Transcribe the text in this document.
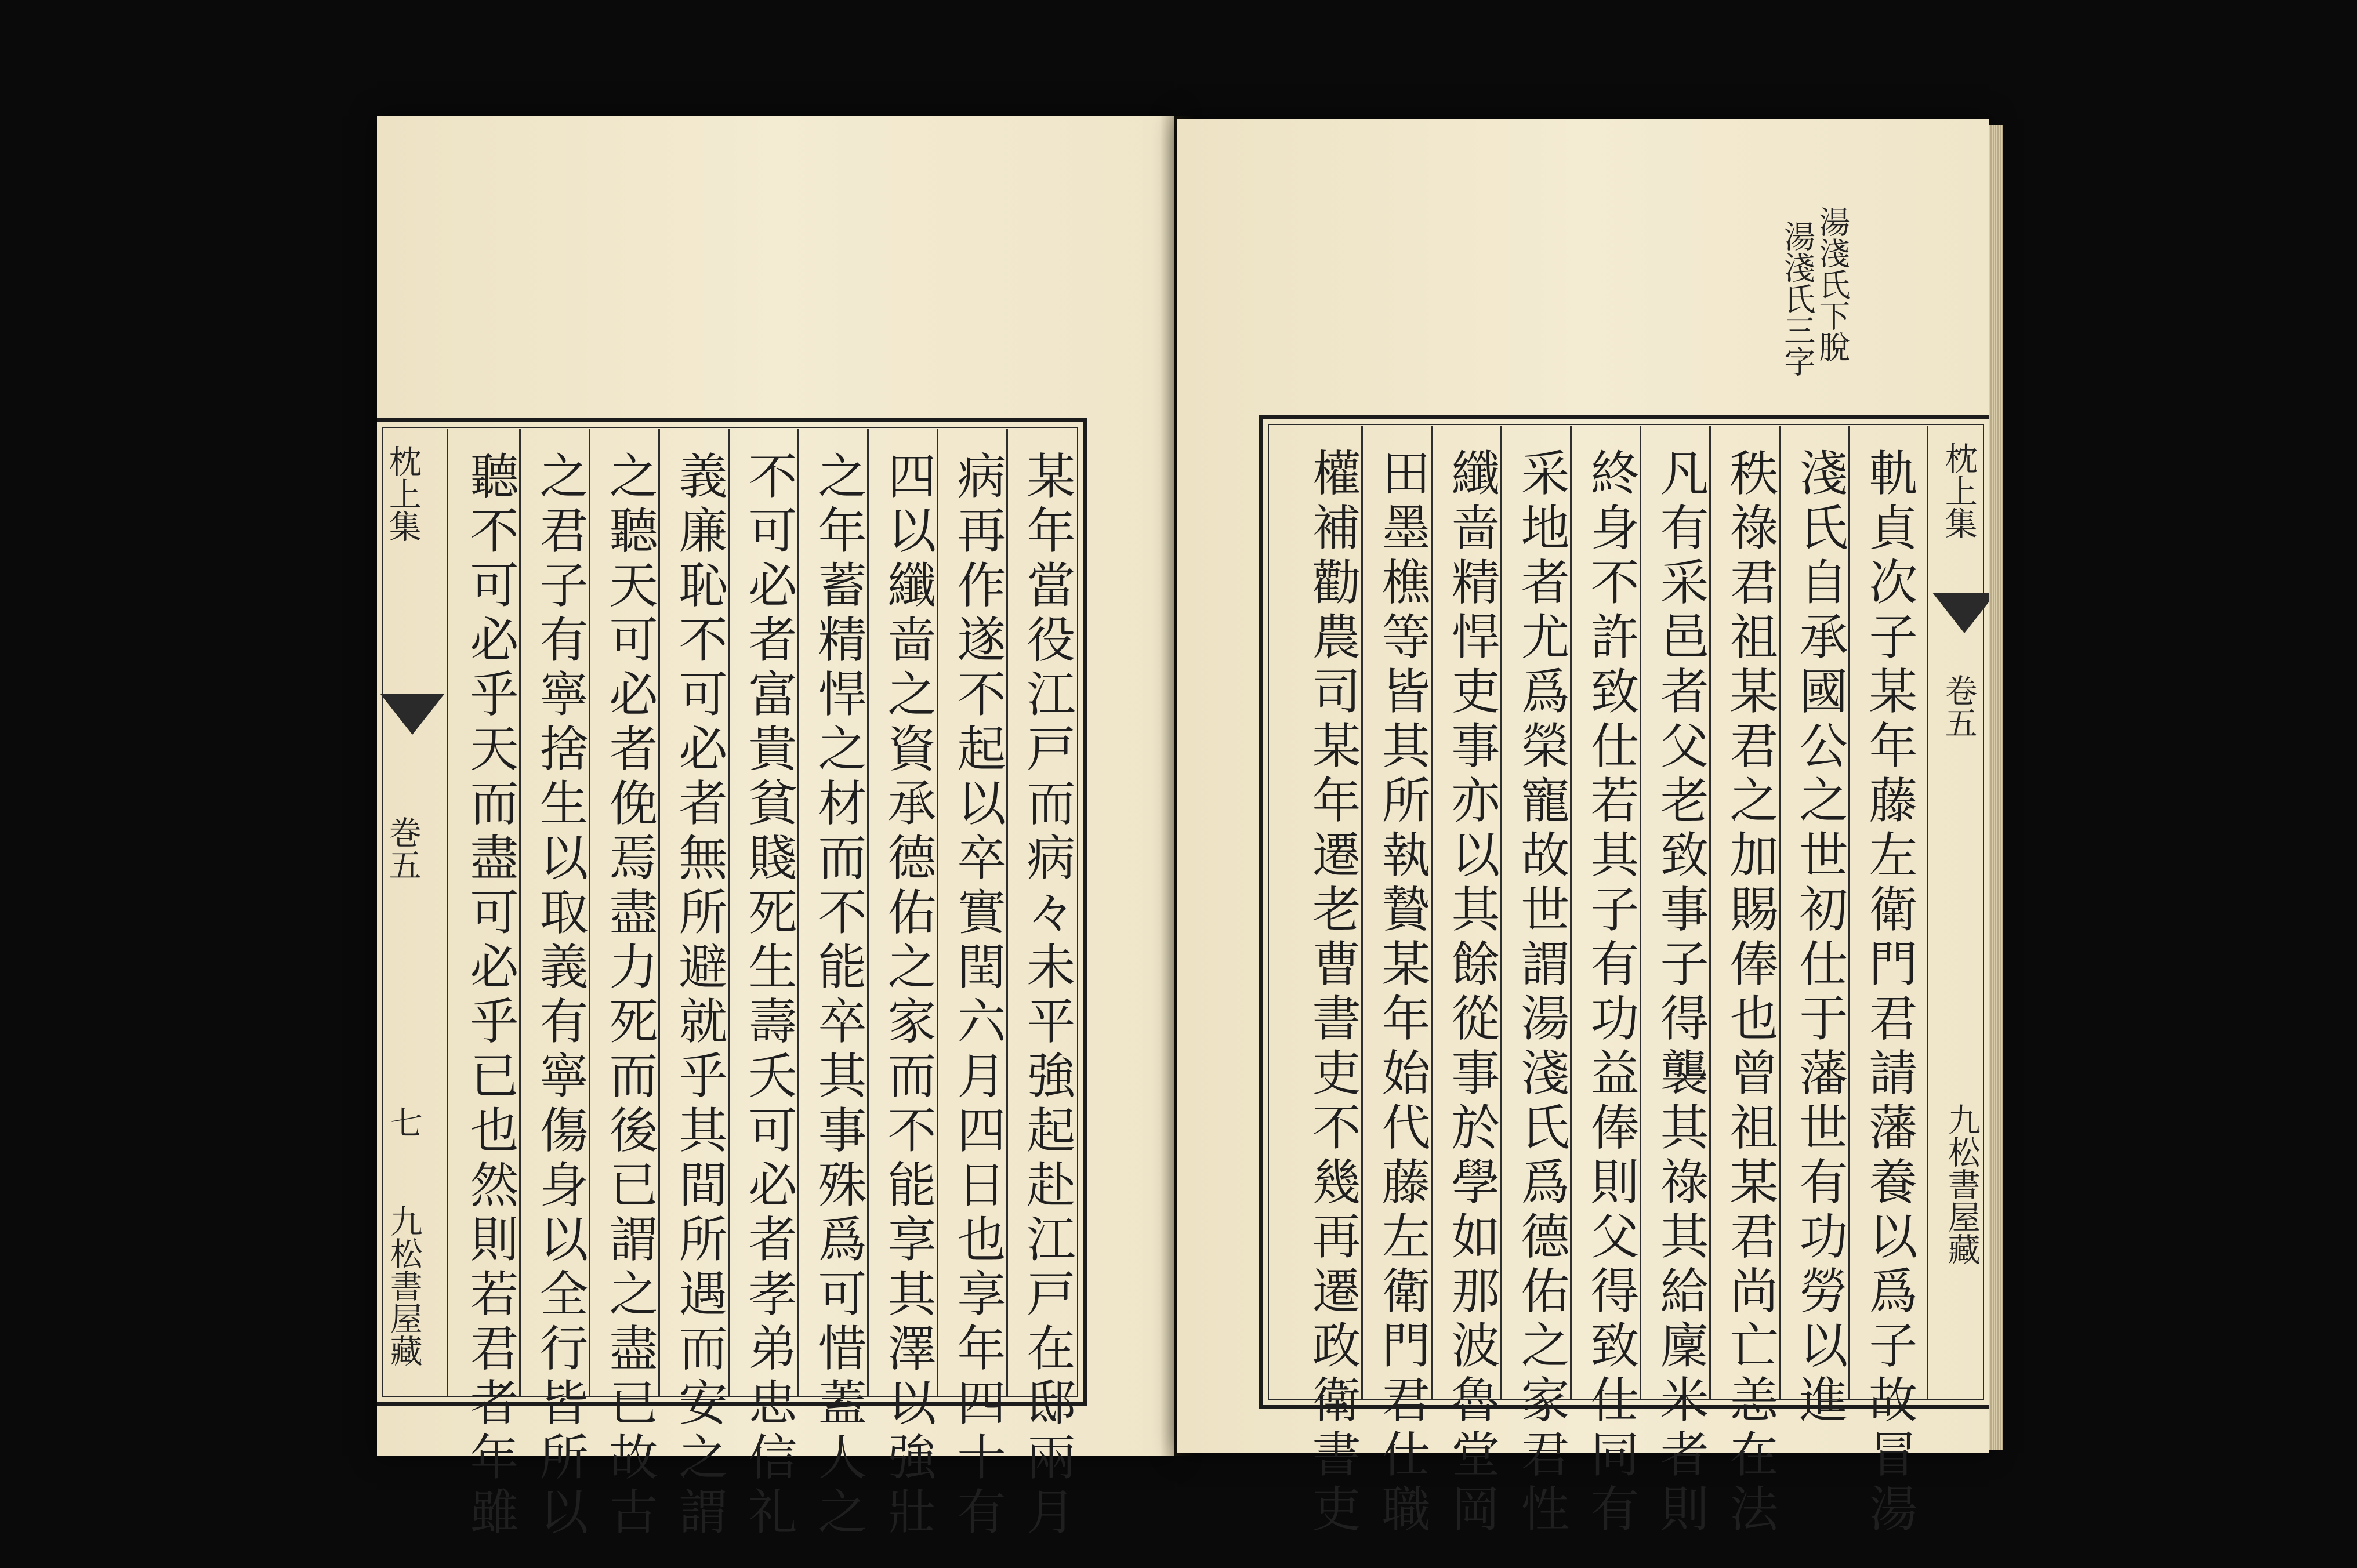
枕上集
巻五
七
九松書屋藏	某年當役江戸而病々未平強起赴江戸在邸兩月
病再作遂不起以卒實閏六月四日也享年四十有
四以纖啬之資承德佑之家而不能享其澤以強壯
之年蓄精悍之材而不能卒其事殊爲可惜蓋人之
不可必者富貴貧賤死生壽夭可必者孝弟忠信礼
義廉恥不可必者無所避就乎其間所遇而安之謂
之聽天可必者俛焉盡力死而後已謂之盡已故古
之君子有寧捨生以取義有寧傷身以全行皆所以
聽不可必乎天而盡可必乎已也然則若君者年雖
湯淺氏下脫
湯淺氏三字
軌貞次子某年藤左衛門君請藩養以爲子故冒湯
淺氏自承國公之世初仕于藩世有功勞以進
秩祿君祖某君之加賜俸也曾祖某君尚亡恙在法
凡有采邑者父老致事子得襲其祿其給廩米者則
終身不許致仕若其子有功益俸則父得致仕同有
采地者尤爲榮寵故世謂湯淺氏爲德佑之家君性
纖啬精悍吏事亦以其餘從事於學如那波魯堂岡
田墨樵等皆其所執贄某年始代藤左衛門君仕職
權補勸農司某年遷老曹書吏不幾再遷政衛書吏	枕上集
卷五
九松書屋藏
